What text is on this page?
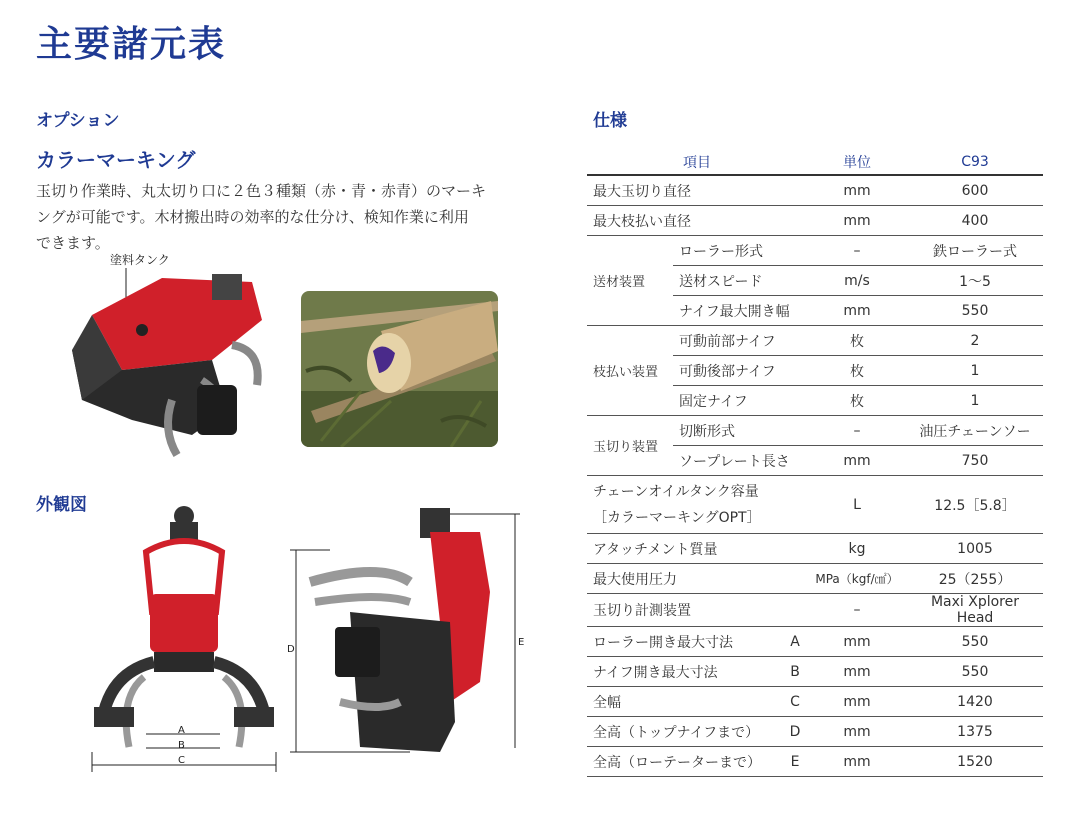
主要諸元表
オプション	仕様
カラーマーキング
玉切り作業時、丸太切り口に２色３種類（赤・青・赤青）のマーキ
ングが可能です。木材搬出時の効率的な仕分け、検知作業に利用
できます。
塗料タンク
外観図
A
B
C
D
E
項目			単位	C93
最大玉切り直径			mm	600
最大枝払い直径			mm	400
送材装置	ローラー形式		–	鉄ローラー式
	送材スピード		m/s	1〜5
	ナイフ最大開き幅		mm	550
枝払い装置	可動前部ナイフ		枚	2
	可動後部ナイフ		枚	1
	固定ナイフ		枚	1
玉切り装置	切断形式		–	油圧チェーンソー
	ソープレート長さ		mm	750

チェーンオイルタンク容量
［カラーマーキングOPT］			L	12.5［5.8］
アタッチメント質量			kg	1005
最大使用圧力			MPa（kgf/㎠）	25（255）
玉切り計測装置			–	Maxi Xplorer Head
ローラー開き最大寸法		A	mm	550
ナイフ開き最大寸法		B	mm	550
全幅		C	mm	1420
全高（トップナイフまで）		D	mm	1375
全高（ローテーターまで）		E	mm	1520
